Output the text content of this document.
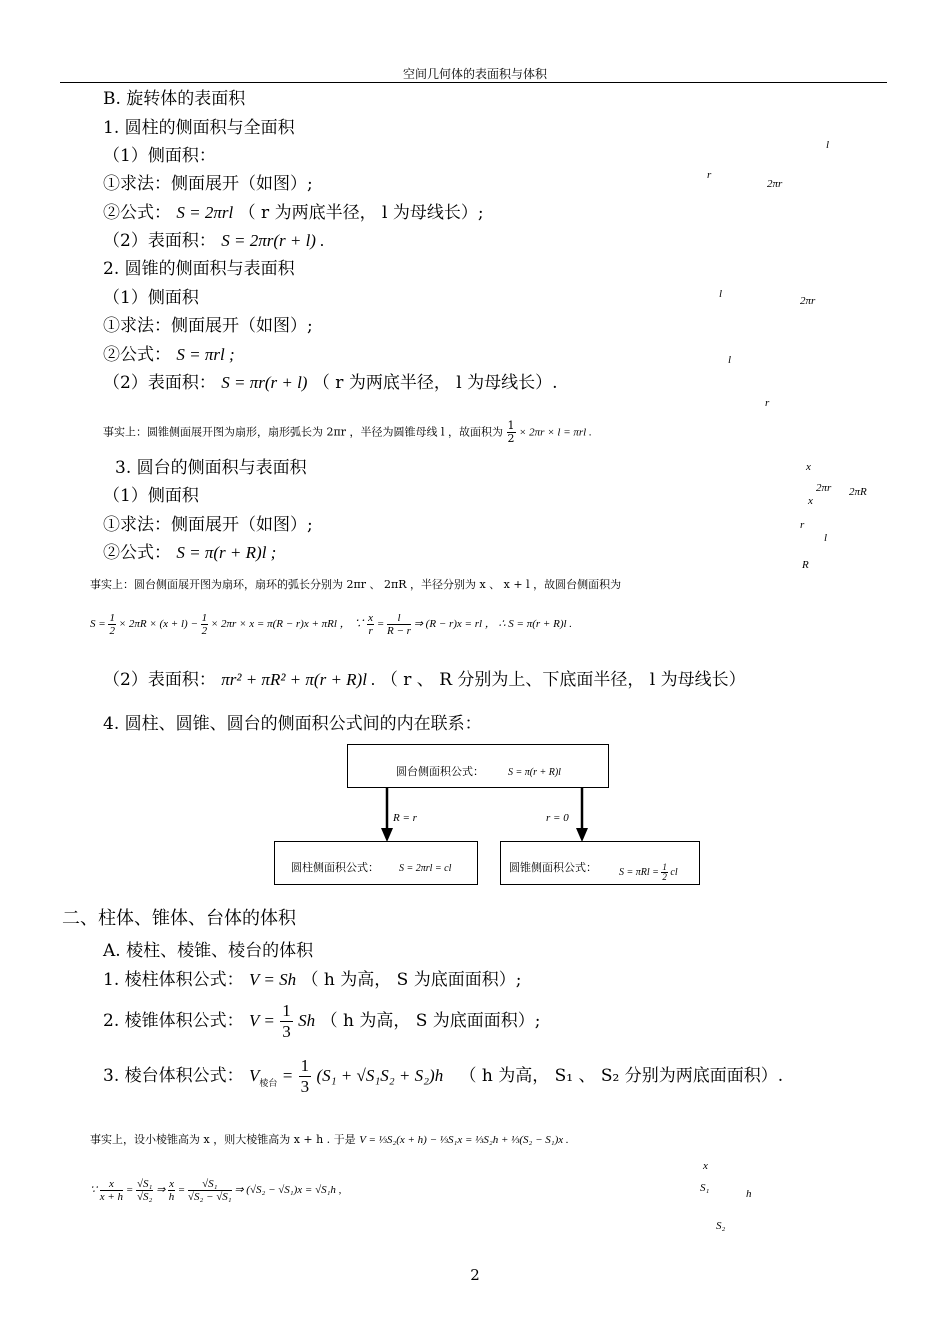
空间几何体的表面积与体积
B. 旋转体的表面积
1. 圆柱的侧面积与全面积
（1）侧面积：
①求法：侧面展开（如图）;
②公式： S = 2πrl （ r 为两底半径， l 为母线长）;
（2）表面积： S = 2πr(r + l) .
2. 圆锥的侧面积与表面积
（1）侧面积
①求法：侧面展开（如图）;
②公式： S = πrl ;
（2）表面积： S = πr(r + l) （ r 为两底半径， l 为母线长）.
事实上：圆锥侧面展开图为扇形，扇形弧长为 2πr ，半径为圆锥母线 l ，故面积为 $\frac{1}{2} \times 2\pi r \times l = \pi rl$ .
3. 圆台的侧面积与表面积
（1）侧面积
①求法：侧面展开（如图）;
②公式： S = π(r + R)l ;
事实上：圆台侧面展开图为扇环，扇环的弧长分别为 2πr 、 2πR ，半径分别为 x 、 x + l ，故圆台侧面积为
$S = \frac{1}{2} \times 2\pi R \times (x + l) - \frac{1}{2} \times 2\pi r \times x = \pi(R - r)x + \pi Rl$ ， ∵ $\frac{x}{r} = \frac{l}{R - r}$ ⇒ (R − r)x = rl ， ∴ S = π(r + R)l .
（2）表面积： πr² + πR² + π(r + R)l . （ r 、 R 分别为上、下底面半径， l 为母线长）
4. 圆柱、圆锥、圆台的侧面积公式间的内在联系：
圆台侧面积公式： S = π(r + R)l
R = r	r = 0
圆柱侧面积公式： S = 2πrl = cl	圆锥侧面积公式： $S = \pi Rl = \frac{1}{2}$ cl
二、柱体、锥体、台体的体积
A. 棱柱、棱锥、棱台的体积
1. 棱柱体积公式： V = Sh （ h 为高， S 为底面面积）;
2. 棱锥体积公式： $V = \frac{1}{3}$ Sh （ h 为高， S 为底面面积）;
3. 棱台体积公式： $V_{棱台} = \frac{1}{3} (S_1 + √S_1S_2 + S_2)h$ （ h 为高， S₁ 、 S₂ 分别为两底面面积）.
事实上，设小棱锥高为 x ，则大棱锥高为 x + h . 于是 V = ⅓S₂(x + h) − ⅓S₁x = ⅓S₂h + ⅓(S₂ − S₁)x .
∵ $\frac{x}{x + h} = \frac{\text{√S₁}}{\text{√S₂}}$ ⇒ $\frac{x}{h} = \frac{\text{√S₁}}{\text{√S₂ − √S₁}}$ ⇒ (√S₂ − √S₁)x = √S₁h ,
l
r
2πr
l
2πr
l
r
x
2πr
x
2πR
r
l
R
x
S₁	h
S₂
2
